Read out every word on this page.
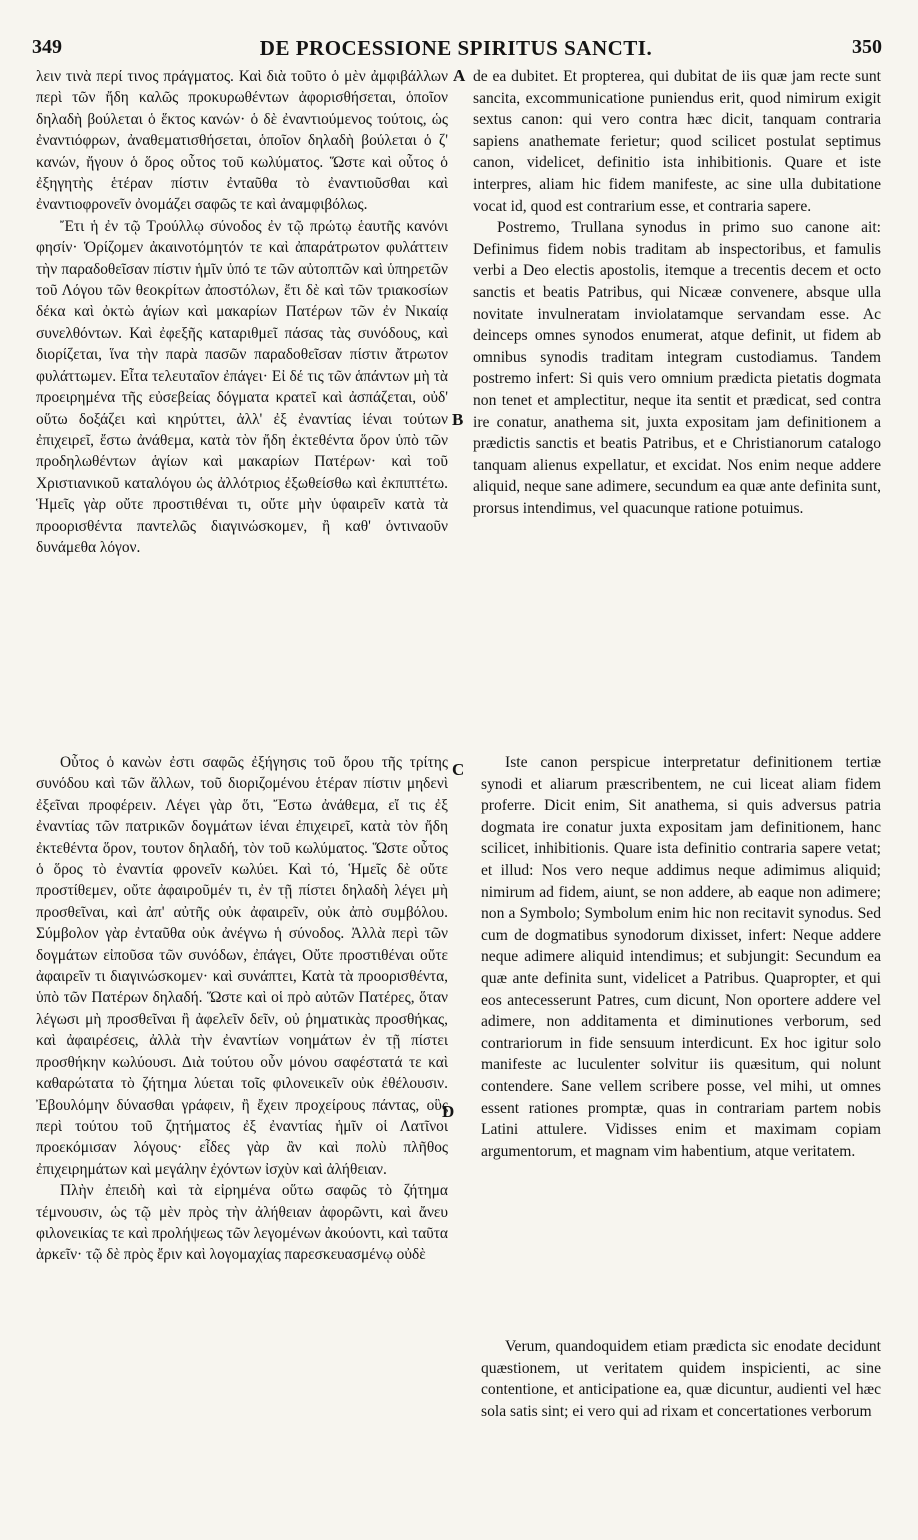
349	DE PROCESSIONE SPIRITUS SANCTI.	350
A
B
C
D

λειν τινὰ περί τινος πράγματος. Καὶ διὰ τοῦτο ὁ μὲν ἀμφιβάλλων περὶ τῶν ἤδη καλῶς προκυρωθέντων ἀφορισθήσεται, ὁποῖον δηλαδὴ βούλεται ὁ ἕκτος κανών· ὁ δὲ ἐναντιούμενος τούτοις, ὡς ἐναντιόφρων, ἀναθεματισθήσεται, ὁποῖον δηλαδὴ βούλεται ὁ ζ' κανών, ἤγουν ὁ ὅρος οὗτος τοῦ κωλύματος. Ὥστε καὶ οὗτος ὁ ἐξηγητὴς ἑτέραν πίστιν ἐνταῦθα τὸ ἐναντιοῦσθαι καὶ ἐναντιοφρονεῖν ὀνομάζει σαφῶς τε καὶ ἀναμφιβόλως.

Ἔτι ἡ ἐν τῷ Τρούλλῳ σύνοδος ἐν τῷ πρώτῳ ἑαυτῆς κανόνι φησίν· Ὁρίζομεν ἀκαινοτόμητόν τε καὶ ἀπαράτρωτον φυλάττειν τὴν παραδοθεῖσαν πίστιν ἡμῖν ὑπό τε τῶν αὐτοπτῶν καὶ ὑπηρετῶν τοῦ Λόγου τῶν θεοκρίτων ἀποστόλων, ἔτι δὲ καὶ τῶν τριακοσίων δέκα καὶ ὀκτὼ ἁγίων καὶ μακαρίων Πατέρων τῶν ἐν Νικαίᾳ συνελθόντων. Καὶ ἐφεξῆς καταριθμεῖ πάσας τὰς συνόδους, καὶ διορίζεται, ἵνα τὴν παρὰ πασῶν παραδοθεῖσαν πίστιν ἄτρωτον φυλάττωμεν. Εἶτα τελευταῖον ἐπάγει· Εἰ δέ τις τῶν ἁπάντων μὴ τὰ προειρημένα τῆς εὐσεβείας δόγματα κρατεῖ καὶ ἀσπάζεται, οὐδ' οὕτω δοξάζει καὶ κηρύττει, ἀλλ' ἐξ ἐναντίας ἰέναι τούτων ἐπιχειρεῖ, ἔστω ἀνάθεμα, κατὰ τὸν ἤδη ἐκτεθέντα ὅρον ὑπὸ τῶν προδηλωθέντων ἁγίων καὶ μακαρίων Πατέρων· καὶ τοῦ Χριστιανικοῦ καταλόγου ὡς ἀλλότριος ἐξωθείσθω καὶ ἐκπιπτέτω. Ἡμεῖς γὰρ οὔτε προστιθέναι τι, οὔτε μὴν ὑφαιρεῖν κατὰ τὰ προορισθέντα παντελῶς διαγινώσκομεν, ἢ καθ' ὁντιναοῦν δυνάμεθα λόγον.

Οὗτος ὁ κανὼν ἐστι σαφῶς ἐξήγησις τοῦ ὅρου τῆς τρίτης συνόδου καὶ τῶν ἄλλων, τοῦ διοριζομένου ἑτέραν πίστιν μηδενὶ ἐξεῖναι προφέρειν. Λέγει γὰρ ὅτι, Ἔστω ἀνάθεμα, εἴ τις ἐξ ἐναντίας τῶν πατρικῶν δογμάτων ἰέναι ἐπιχειρεῖ, κατὰ τὸν ἤδη ἐκτεθέντα ὅρον, τουτον δηλαδή, τὸν τοῦ κωλύματος. Ὥστε οὗτος ὁ ὅρος τὸ ἐναντία φρονεῖν κωλύει. Καὶ τό, Ἡμεῖς δὲ οὔτε προστίθεμεν, οὔτε ἀφαιροῦμέν τι, ἐν τῇ πίστει δηλαδὴ λέγει μὴ προσθεῖναι, καὶ ἀπ' αὐτῆς οὐκ ἀφαιρεῖν, οὐκ ἀπὸ συμβόλου. Σύμβολον γὰρ ἐνταῦθα οὐκ ἀνέγνω ἡ σύνοδος. Ἀλλὰ περὶ τῶν δογμάτων εἰποῦσα τῶν συνόδων, ἐπάγει, Οὔτε προστιθέναι οὔτε ἀφαιρεῖν τι διαγινώσκομεν· καὶ συνάπτει, Κατὰ τὰ προορισθέντα, ὑπὸ τῶν Πατέρων δηλαδή. Ὥστε καὶ οἱ πρὸ αὐτῶν Πατέρες, ὅταν λέγωσι μὴ προσθεῖναι ἢ ἀφελεῖν δεῖν, οὐ ῥηματικὰς προσθήκας, καὶ ἀφαιρέσεις, ἀλλὰ τὴν ἐναντίων νοημάτων ἐν τῇ πίστει προσθήκην κωλύουσι. Διὰ τούτου οὖν μόνου σαφέστατά τε καὶ καθαρώτατα τὸ ζήτημα λύεται τοῖς φιλονεικεῖν οὐκ ἐθέλουσιν. Ἐβουλόμην δύνασθαι γράφειν, ἢ ἔχειν προχείρους πάντας, οὓς περὶ τούτου τοῦ ζητήματος ἐξ ἐναντίας ἡμῖν οἱ Λατῖνοι προεκόμισαν λόγους· εἶδες γὰρ ἂν καὶ πολὺ πλῆθος ἐπιχειρημάτων καὶ μεγάλην ἐχόντων ἰσχὺν καὶ ἀλήθειαν.

Πλὴν ἐπειδὴ καὶ τὰ εἰρημένα οὕτω σαφῶς τὸ ζήτημα τέμνουσιν, ὡς τῷ μὲν πρὸς τὴν ἀλήθειαν ἀφορῶντι, καὶ ἄνευ φιλονεικίας τε καὶ προλήψεως τῶν λεγομένων ἀκούοντι, καὶ ταῦτα ἀρκεῖν· τῷ δὲ πρὸς ἔριν καὶ λογομαχίας παρεσκευασμένῳ οὐδὲ

de ea dubitet. Et propterea, qui dubitat de iis quæ jam recte sunt sancita, excommunicatione puniendus erit, quod nimirum exigit sextus canon: qui vero contra hæc dicit, tanquam contraria sapiens anathemate ferietur; quod scilicet postulat septimus canon, videlicet, definitio ista inhibitionis. Quare et iste interpres, aliam hic fidem manifeste, ac sine ulla dubitatione vocat id, quod est contrarium esse, et contraria sapere.

Postremo, Trullana synodus in primo suo canone ait: Definimus fidem nobis traditam ab inspectoribus, et famulis verbi a Deo electis apostolis, itemque a trecentis decem et octo sanctis et beatis Patribus, qui Nicææ convenere, absque ulla novitate invulneratam inviolatamque servandam esse. Ac deinceps omnes synodos enumerat, atque definit, ut fidem ab omnibus synodis traditam integram custodiamus. Tandem postremo infert: Si quis vero omnium prædicta pietatis dogmata non tenet et amplectitur, neque ita sentit et prædicat, sed contra ire conatur, anathema sit, juxta expositam jam definitionem a prædictis sanctis et beatis Patribus, et e Christianorum catalogo tanquam alienus expellatur, et excidat. Nos enim neque addere aliquid, neque sane adimere, secundum ea quæ ante definita sunt, prorsus intendimus, vel quacunque ratione potuimus.

Iste canon perspicue interpretatur definitionem tertiæ synodi et aliarum præscribentem, ne cui liceat aliam fidem proferre. Dicit enim, Sit anathema, si quis adversus patria dogmata ire conatur juxta expositam jam definitionem, hanc scilicet, inhibitionis. Quare ista definitio contraria sapere vetat; et illud: Nos vero neque addimus neque adimimus aliquid; nimirum ad fidem, aiunt, se non addere, ab eaque non adimere; non a Symbolo; Symbolum enim hic non recitavit synodus. Sed cum de dogmatibus synodorum dixisset, infert: Neque addere neque adimere aliquid intendimus; et subjungit: Secundum ea quæ ante definita sunt, videlicet a Patribus. Quapropter, et qui eos antecesserunt Patres, cum dicunt, Non oportere addere vel adimere, non additamenta et diminutiones verborum, sed contrariorum in fide sensuum interdicunt. Ex hoc igitur solo manifeste ac luculenter solvitur iis quæsitum, qui nolunt contendere. Sane vellem scribere posse, vel mihi, ut omnes essent rationes promptæ, quas in contrariam partem nobis Latini attulere. Vidisses enim et maximam copiam argumentorum, et magnam vim habentium, atque veritatem.

Verum, quandoquidem etiam prædicta sic enodate decidunt quæstionem, ut veritatem quidem inspicienti, ac sine contentione, et anticipatione ea, quæ dicuntur, audienti vel hæc sola satis sint; ei vero qui ad rixam et concertationes verborum
